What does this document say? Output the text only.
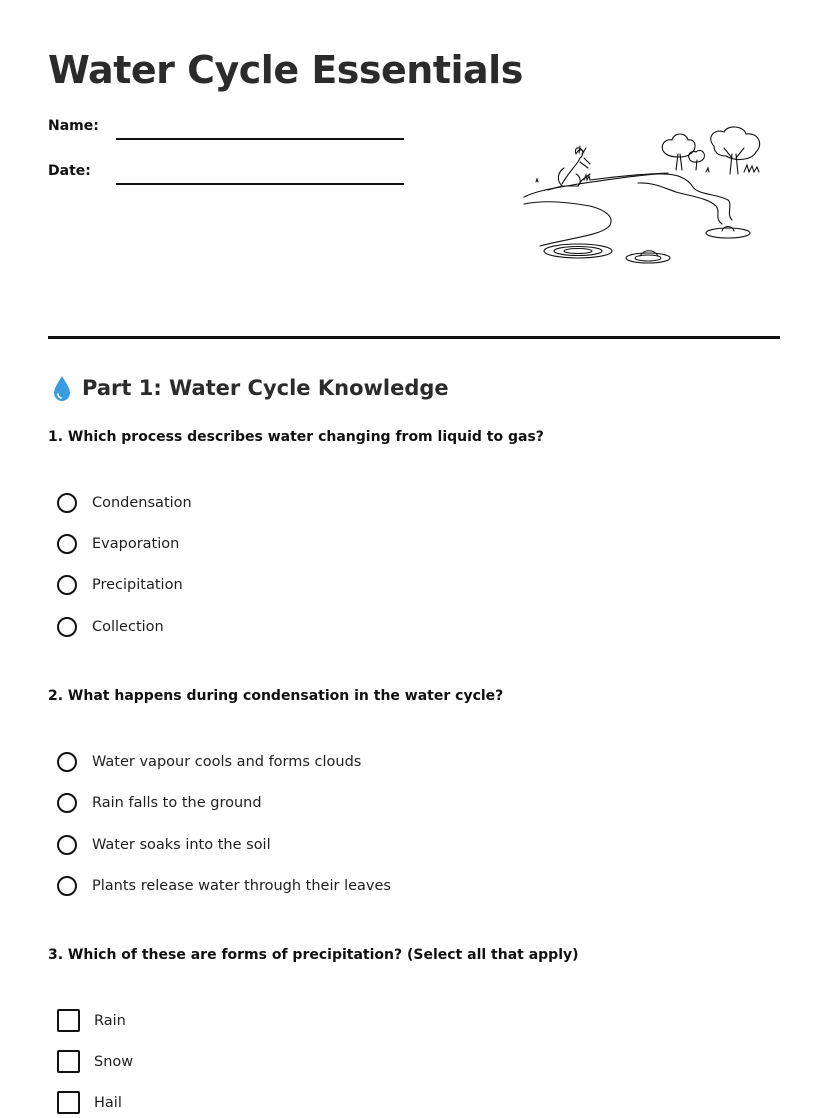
Water Cycle Essentials
Name:
Date:
Part 1: Water Cycle Knowledge
1. Which process describes water changing from liquid to gas?
Condensation
Evaporation
Precipitation
Collection
2. What happens during condensation in the water cycle?
Water vapour cools and forms clouds
Rain falls to the ground
Water soaks into the soil
Plants release water through their leaves
3. Which of these are forms of precipitation? (Select all that apply)
Rain
Snow
Hail
